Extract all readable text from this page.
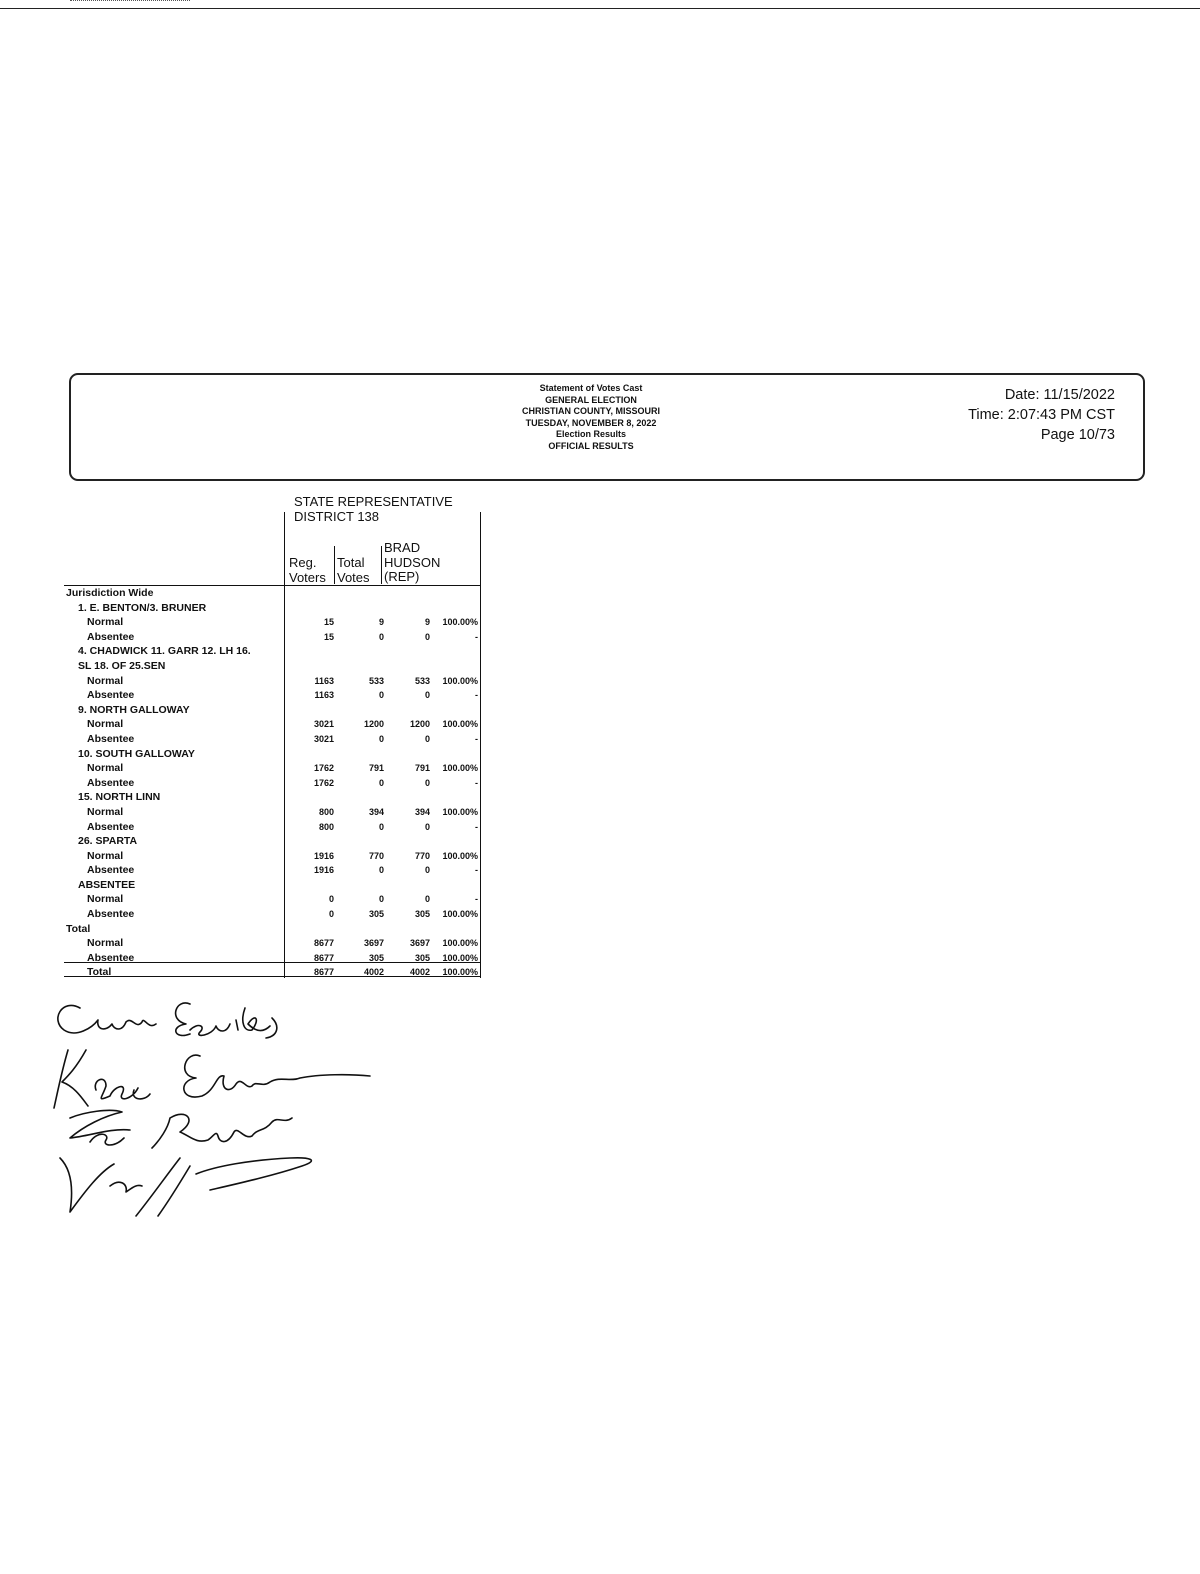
Statement of Votes Cast
GENERAL ELECTION
CHRISTIAN COUNTY, MISSOURI
TUESDAY, NOVEMBER 8, 2022
Election Results
OFFICIAL RESULTS
Date: 11/15/2022
Time: 2:07:43 PM CST
Page 10/73
STATE REPRESENTATIVE
DISTRICT 138
Reg.
Voters
Total
Votes
BRAD
HUDSON
(REP)
Jurisdiction Wide
1. E. BENTON/3. BRUNER
Normal	15	9	9 100.00%
Absentee	15	0	0	-
4. CHADWICK 11. GARR 12. LH 16.
SL 18. OF 25.SEN
Normal	1163	533	533 100.00%
Absentee	1163	0	0	-
9. NORTH GALLOWAY
Normal	3021	1200	1200 100.00%
Absentee	3021	0	0	-
10. SOUTH GALLOWAY
Normal	1762	791	791 100.00%
Absentee	1762	0	0	-
15. NORTH LINN
Normal	800	394	394 100.00%
Absentee	800	0	0	-
26. SPARTA
Normal	1916	770	770 100.00%
Absentee	1916	0	0	-
ABSENTEE
Normal	0	0	0	-
Absentee	0	305	305 100.00%
Total
Normal	8677	3697	3697 100.00%
Absentee	8677	305	305 100.00%
Total	8677	4002	4002 100.00%
